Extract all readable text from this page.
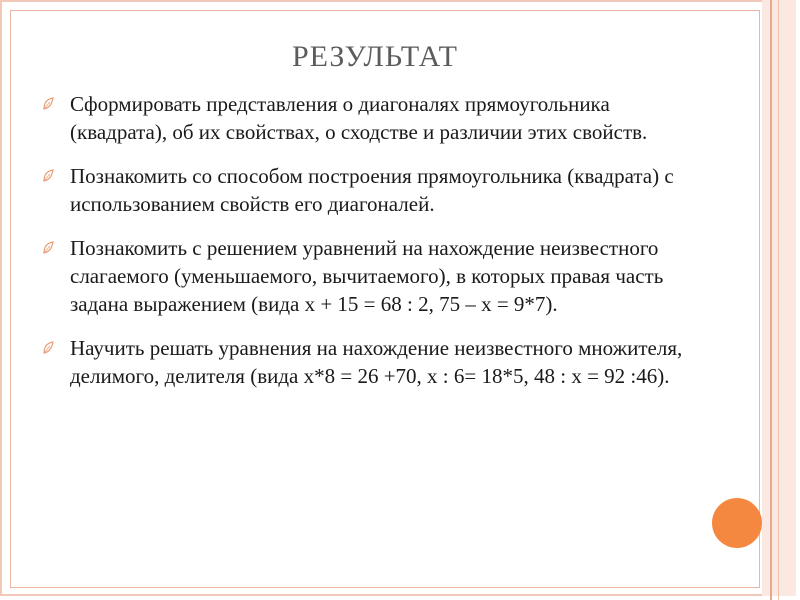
РЕЗУЛЬТАТ
Сформировать представления о диагоналях прямоугольника (квадрата), об их свойствах, о сходстве и различии этих свойств.
Познакомить со способом построения прямоугольника (квадрата) с использованием свойств его диагоналей.
Познакомить с решением уравнений на нахождение неизвестного слагаемого (уменьшаемого, вычитаемого), в которых правая часть задана выражением (вида х + 15 = 68 : 2, 75 – х = 9*7).
Научить решать уравнения на нахождение неизвестного множителя, делимого, делителя (вида х*8 = 26 +70, х : 6= 18*5, 48 : х = 92 :46).
